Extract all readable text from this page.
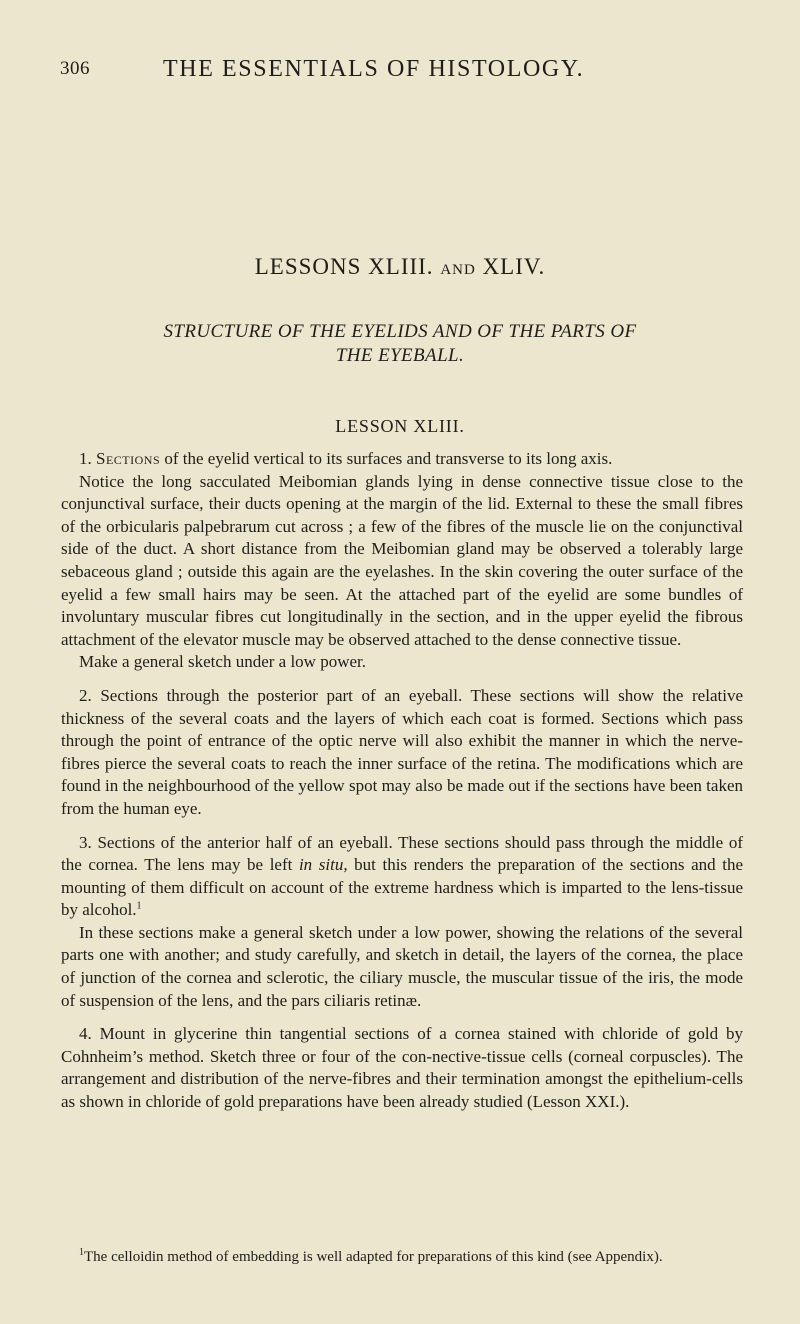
306	THE ESSENTIALS OF HISTOLOGY.
LESSONS XLIII. AND XLIV.
STRUCTURE OF THE EYELIDS AND OF THE PARTS OF
THE EYEBALL.
LESSON XLIII.

1. Sections of the eyelid vertical to its surfaces and transverse to its long axis.

Notice the long sacculated Meibomian glands lying in dense connective tissue close to the conjunctival surface, their ducts opening at the margin of the lid. External to these the small fibres of the orbicularis palpebrarum cut across ; a few of the fibres of the muscle lie on the conjunctival side of the duct. A short distance from the Meibomian gland may be observed a tolerably large sebaceous gland ; outside this again are the eyelashes. In the skin covering the outer surface of the eyelid a few small hairs may be seen. At the attached part of the eyelid are some bundles of involuntary muscular fibres cut longitudinally in the section, and in the upper eyelid the fibrous attachment of the elevator muscle may be observed attached to the dense connective tissue.

Make a general sketch under a low power.

2. Sections through the posterior part of an eyeball. These sections will show the relative thickness of the several coats and the layers of which each coat is formed. Sections which pass through the point of entrance of the optic nerve will also exhibit the manner in which the nerve-fibres pierce the several coats to reach the inner surface of the retina. The modifications which are found in the neighbourhood of the yellow spot may also be made out if the sections have been taken from the human eye.

3. Sections of the anterior half of an eyeball. These sections should pass through the middle of the cornea. The lens may be left in situ, but this renders the preparation of the sections and the mounting of them difficult on account of the extreme hardness which is imparted to the lens-tissue by alcohol.$^1$

In these sections make a general sketch under a low power, showing the relations of the several parts one with another; and study carefully, and sketch in detail, the layers of the cornea, the place of junction of the cornea and sclerotic, the ciliary muscle, the muscular tissue of the iris, the mode of suspension of the lens, and the pars ciliaris retinæ.

4. Mount in glycerine thin tangential sections of a cornea stained with chloride of gold by Cohnheim’s method. Sketch three or four of the con-nective-tissue cells (corneal corpuscles). The arrangement and distribution of the nerve-fibres and their termination amongst the epithelium-cells as shown in chloride of gold preparations have been already studied (Lesson XXI.).

$^1$The celloidin method of embedding is well adapted for preparations of this kind (see Appendix).
